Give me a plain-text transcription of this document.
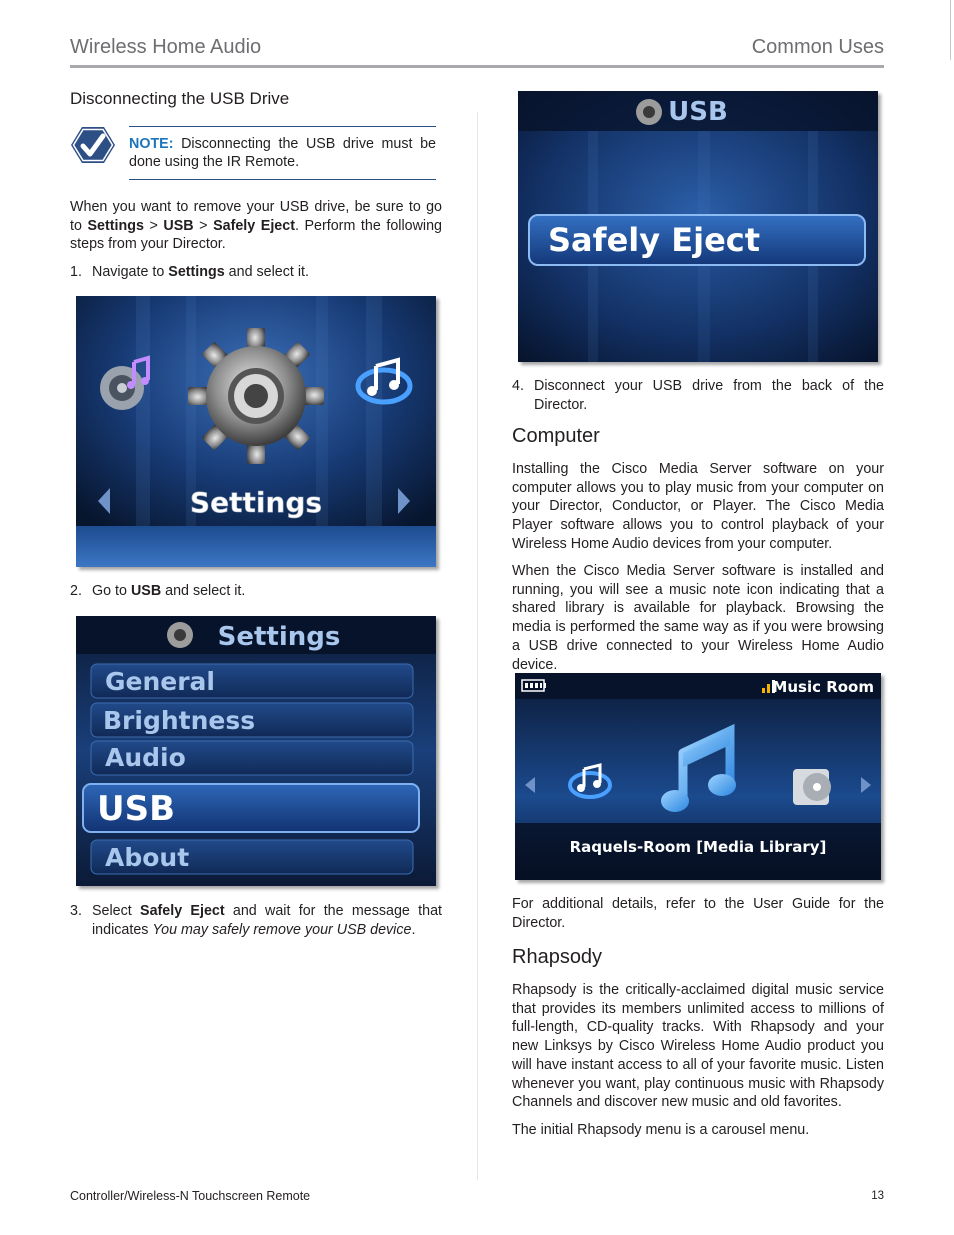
Wireless Home Audio	Common Uses
Disconnecting the USB Drive
NOTE: Disconnecting the USB drive must be done using the IR Remote.
When you want to remove your USB drive, be sure to go to Settings > USB > Safely Eject. Perform the following steps from your Director.
1. Navigate to Settings and select it.
Settings
2. Go to USB and select it.
Settings
General
Brightness
Audio
USB
About
3. Select Safely Eject and wait for the message that indicates You may safely remove your USB device.
USB
Safely Eject
4. Disconnect your USB drive from the back of the Director.
Computer
Installing the Cisco Media Server software on your computer allows you to play music from your computer on your Director, Conductor, or Player. The Cisco Media Player software allows you to control playback of your Wireless Home Audio devices from your computer.
When the Cisco Media Server software is installed and running, you will see a music note icon indicating that a shared library is available for playback. Browsing the media is performed the same way as if you were browsing a USB drive connected to your Wireless Home Audio device.
Music Room
Raquels-Room [Media Library]
For additional details, refer to the User Guide for the Director.
Rhapsody
Rhapsody is the critically-acclaimed digital music service that provides its members unlimited access to millions of full-length, CD-quality tracks. With Rhapsody and your new Linksys by Cisco Wireless Home Audio product you will have instant access to all of your favorite music. Listen whenever you want, play continuous music with Rhapsody Channels and discover new music and old favorites.
The initial Rhapsody menu is a carousel menu.
Controller/Wireless-N Touchscreen Remote	13
